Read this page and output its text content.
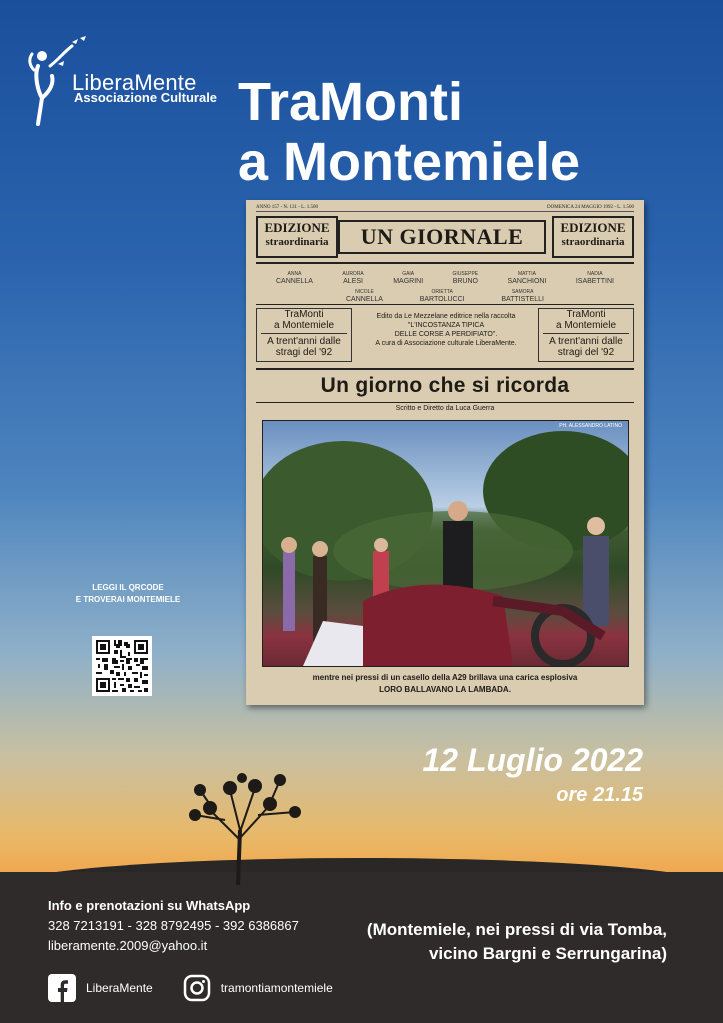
LiberaMente
Associazione Culturale TraMonti
a Montemiele
ANNO 157 - N. 131 - L. 1.500	DOMENICA 24 MAGGIO 1992 - L. 1.500
EDIZIONE
straordinaria	UN GIORNALE	EDIZIONE
straordinaria
ANNA
CANNELLA
AURORA
ALESI
GAIA
MAGRINI
GIUSEPPE
BRUNO
MATTIA
SANCHIONI
NADIA
ISABETTINI
NICOLE
CANNELLA
ORIETTA
BARTOLUCCI
SAMORA
BATTISTELLI
TraMonti
a Montemiele
A trent'anni dalle
stragi del '92
Edito da Le Mezzelane editrice nella raccolta
"L'INCOSTANZA TIPICA
DELLE CORSE A PERDIFIATO".
A cura di Associazione culturale LiberaMente.
TraMonti
a Montemiele
A trent'anni dalle
stragi del '92
Un giorno che si ricorda
Scritto e Diretto da Luca Guerra
PH. ALESSANDRO LATINO
mentre nei pressi di un casello della A29 brillava una carica esplosiva
LORO BALLAVANO LA LAMBADA.
LEGGI IL QRCODE
E TROVERAI MONTEMIELE
12 Luglio 2022
ore 21.15
Info e prenotazioni su WhatsApp
328 7213191 - 328 8792495 - 392 6386867
liberamente.2009@yahoo.it
(Montemiele, nei pressi di via Tomba,
vicino Bargni e Serrungarina)
LiberaMente	tramontiamontemiele
